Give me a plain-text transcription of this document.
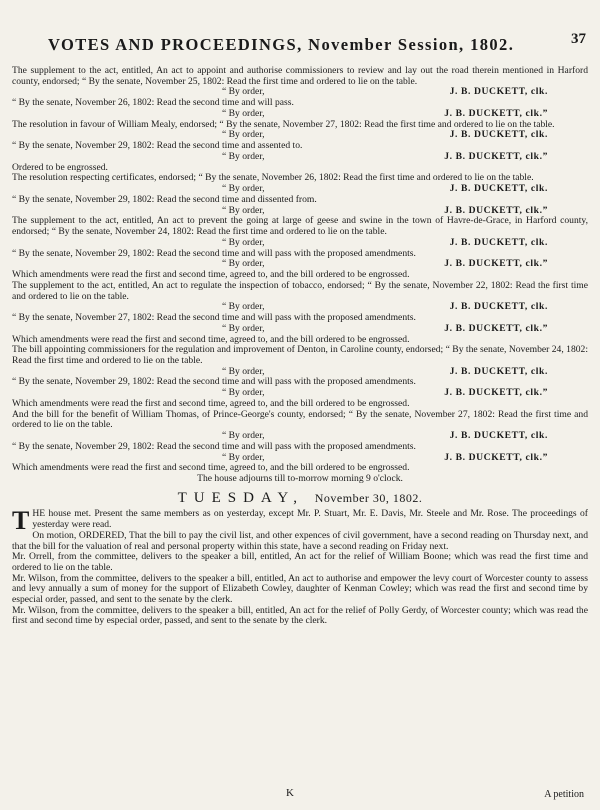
VOTES AND PROCEEDINGS, November Session, 1802.	37

The supplement to the act, entitled, An act to appoint and authorise commissioners to review and lay out the road therein mentioned in Harford county, endorsed; “ By the senate, November 25, 1802: Read the first time and ordered to lie on the table.

“ By order,	J. B. DUCKETT, clk.

“ By the senate, November 26, 1802: Read the second time and will pass.

“ By order,	J. B. DUCKETT, clk.”

The resolution in favour of William Mealy, endorsed; “ By the senate, November 27, 1802: Read the first time and ordered to lie on the table.

“ By order,	J. B. DUCKETT, clk.

“ By the senate, November 29, 1802: Read the second time and assented to.

“ By order,	J. B. DUCKETT, clk.”

Ordered to be engrossed.

The resolution respecting certificates, endorsed; “ By the senate, November 26, 1802: Read the first time and ordered to lie on the table.

“ By order,	J. B. DUCKETT, clk.

“ By the senate, November 29, 1802: Read the second time and dissented from.

“ By order,	J. B. DUCKETT, clk.”

The supplement to the act, entitled, An act to prevent the going at large of geese and swine in the town of Havre-de-Grace, in Harford county, endorsed; “ By the senate, November 24, 1802: Read the first time and ordered to lie on the table.

“ By order,	J. B. DUCKETT, clk.

“ By the senate, November 29, 1802: Read the second time and will pass with the proposed amendments.

“ By order,	J. B. DUCKETT, clk.”

Which amendments were read the first and second time, agreed to, and the bill ordered to be engrossed.

The supplement to the act, entitled, An act to regulate the inspection of tobacco, endorsed; “ By the senate, November 22, 1802: Read the first time and ordered to lie on the table.

“ By order,	J. B. DUCKETT, clk.

“ By the senate, November 27, 1802: Read the second time and will pass with the proposed amendments.

“ By order,	J. B. DUCKETT, clk.”

Which amendments were read the first and second time, agreed to, and the bill ordered to be engrossed.

The bill appointing commissioners for the regulation and improvement of Denton, in Caroline county, endorsed; “ By the senate, November 24, 1802: Read the first time and ordered to lie on the table.

“ By order,	J. B. DUCKETT, clk.

“ By the senate, November 29, 1802: Read the second time and will pass with the proposed amendments.

“ By order,	J. B. DUCKETT, clk.”

Which amendments were read the first and second time, agreed to, and the bill ordered to be engrossed.

And the bill for the benefit of William Thomas, of Prince-George's county, endorsed; “ By the senate, November 27, 1802: Read the first time and ordered to lie on the table.

“ By order,	J. B. DUCKETT, clk.

“ By the senate, November 29, 1802: Read the second time and will pass with the proposed amendments.

“ By order,	J. B. DUCKETT, clk.”

Which amendments were read the first and second time, agreed to, and the bill ordered to be engrossed.

The house adjourns till to-morrow morning 9 o'clock.

TUESDAY, November 30, 1802.

THE house met. Present the same members as on yesterday, except Mr. P. Stuart, Mr. E. Davis, Mr. Steele and Mr. Rose. The proceedings of yesterday were read.

On motion, ORDERED, That the bill to pay the civil list, and other expences of civil government, have a second reading on Thursday next, and that the bill for the valuation of real and personal property within this state, have a second reading on Friday next.

Mr. Orrell, from the committee, delivers to the speaker a bill, entitled, An act for the relief of William Boone; which was read the first time and ordered to lie on the table.

Mr. Wilson, from the committee, delivers to the speaker a bill, entitled, An act to authorise and empower the levy court of Worcester county to assess and levy annually a sum of money for the support of Elizabeth Cowley, daughter of Kenman Cowley; which was read the first and second time by especial order, passed, and sent to the senate by the clerk.

Mr. Wilson, from the committee, delivers to the speaker a bill, entitled, An act for the relief of Polly Gerdy, of Worcester county; which was read the first and second time by especial order, passed, and sent to the senate by the clerk.

K	A petition
